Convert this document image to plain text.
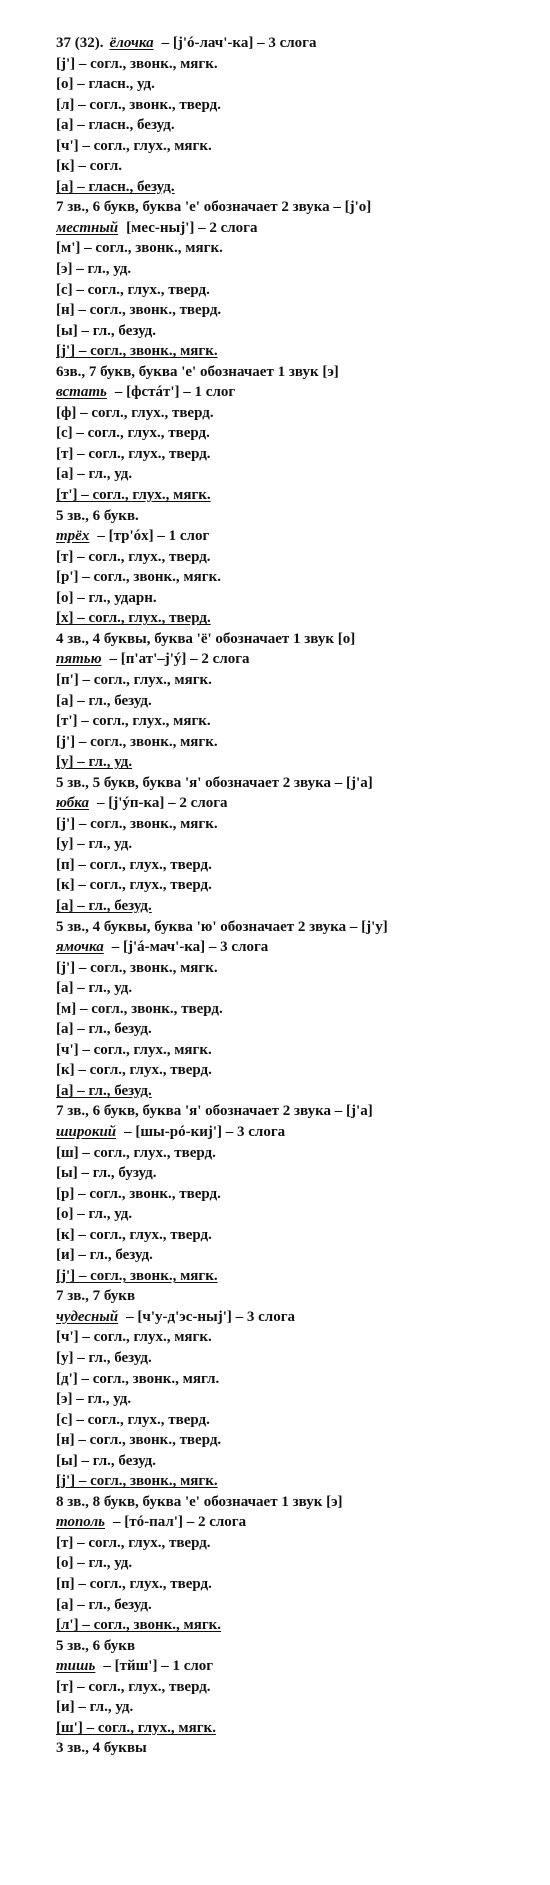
37 (32). ёлочка – [j'ó-лач'-ка] – 3 слога
[j'] – согл., звонк., мягк.
[о] – гласн., уд.
[л] – согл., звонк., тверд.
[а] – гласн., безуд.
[ч'] – согл., глух., мягк.
[к] – согл.
[а] – гласн., безуд.
7 зв., 6 букв, буква 'е' обозначает 2 звука – [j'о]
местный [мес-ныj'] – 2 слога
[м'] – согл., звонк., мягк.
[э] – гл., уд.
[с] – согл., глух., тверд.
[н] – согл., звонк., тверд.
[ы] – гл., безуд.
[j'] – согл., звонк., мягк.
6зв., 7 букв, буква 'е' обозначает 1 звук [э]
встать – [фстáт'] – 1 слог
[ф] – согл., глух., тверд.
[с] – согл., глух., тверд.
[т] – согл., глух., тверд.
[а] – гл., уд.
[т'] – согл., глух., мягк.
5 зв., 6 букв.
трёх – [тр'óх] – 1 слог
[т] – согл., глух., тверд.
[р'] – согл., звонк., мягк.
[о] – гл., ударн.
[х] – согл., глух., тверд.
4 зв., 4 буквы, буква 'ё' обозначает 1 звук [о]
пятью – [п'ат'–j'ý] – 2 слога
[п'] – согл., глух., мягк.
[а] – гл., безуд.
[т'] – согл., глух., мягк.
[j'] – согл., звонк., мягк.
[у] – гл., уд.
5 зв., 5 букв, буква 'я' обозначает 2 звука – [j'а]
юбка – [j'ýп-ка] – 2 слога
[j'] – согл., звонк., мягк.
[у] – гл., уд.
[п] – согл., глух., тверд.
[к] – согл., глух., тверд.
[а] – гл., безуд.
5 зв., 4 буквы, буква 'ю' обозначает 2 звука – [j'у]
ямочка – [j'á-мач'-ка] – 3 слога
[j'] – согл., звонк., мягк.
[а] – гл., уд.
[м] – согл., звонк., тверд.
[а] – гл., безуд.
[ч'] – согл., глух., мягк.
[к] – согл., глух., тверд.
[а] – гл., безуд.
7 зв., 6 букв, буква 'я' обозначает 2 звука – [j'а]
широкий – [шы-рó-киj'] – 3 слога
[ш] – согл., глух., тверд.
[ы] – гл., бузуд.
[р] – согл., звонк., тверд.
[о] – гл., уд.
[к] – согл., глух., тверд.
[и] – гл., безуд.
[j'] – согл., звонк., мягк.
7 зв., 7 букв
чудесный – [ч'у-д'эс-ныj'] – 3 слога
[ч'] – согл., глух., мягк.
[у] – гл., безуд.
[д'] – согл., звонк., мягл.
[э] – гл., уд.
[с] – согл., глух., тверд.
[н] – согл., звонк., тверд.
[ы] – гл., безуд.
[j'] – согл., звонк., мягк.
8 зв., 8 букв, буква 'е' обозначает 1 звук [э]
тополь – [тó-пал'] – 2 слога
[т] – согл., глух., тверд.
[о] – гл., уд.
[п] – согл., глух., тверд.
[а] – гл., безуд.
[л'] – согл., звонк., мягк.
5 зв., 6 букв
тишь – [тйш'] – 1 слог
[т] – согл., глух., тверд.
[и] – гл., уд.
[ш'] – согл., глух., мягк.
3 зв., 4 буквы
